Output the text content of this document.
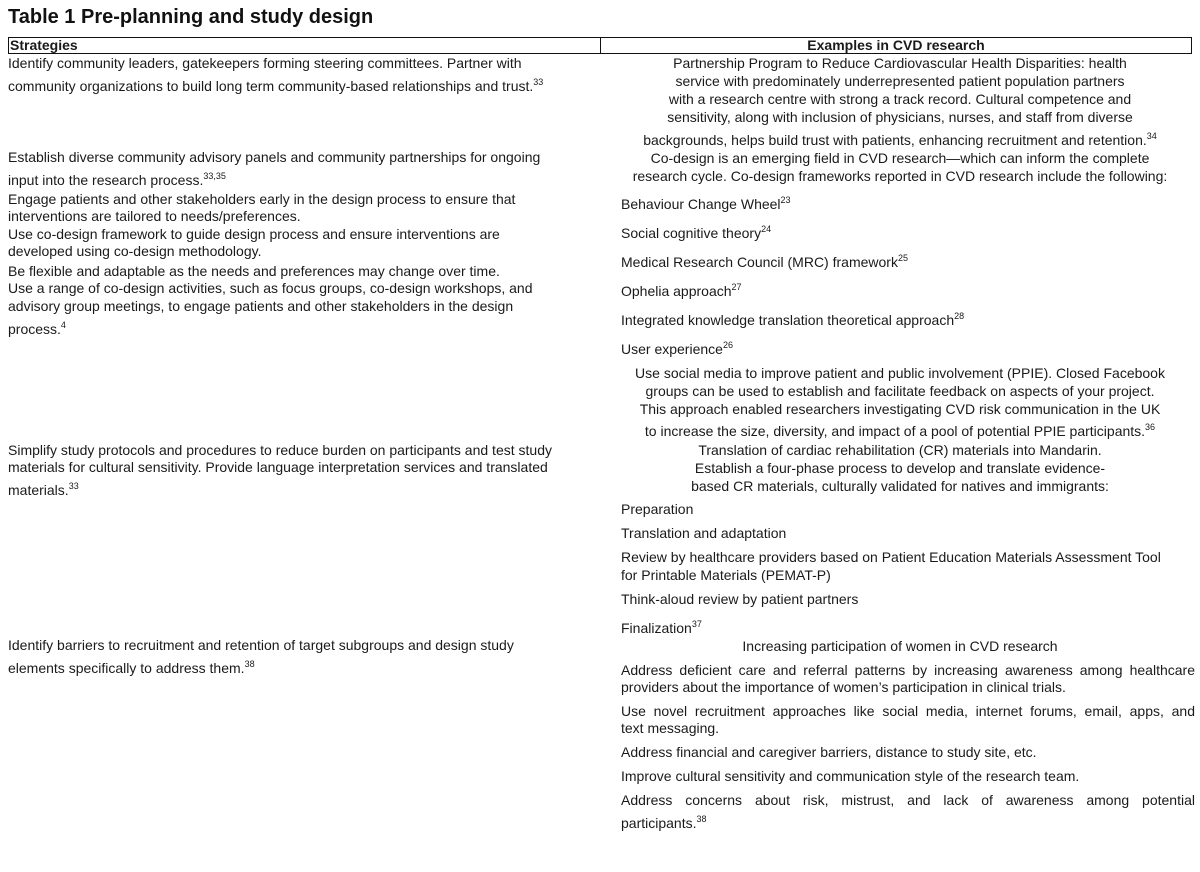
Table 1 Pre-planning and study design
Strategies	Examples in CVD research
Identify community leaders, gatekeepers forming steering committees. Partner with
community organizations to build long term community-based relationships and trust.$^{33}$
Establish diverse community advisory panels and community partnerships for ongoing
input into the research process.$^{33,35}$
Engage patients and other stakeholders early in the design process to ensure that
interventions are tailored to needs/preferences.
Use co-design framework to guide design process and ensure interventions are
developed using co-design methodology.
Be flexible and adaptable as the needs and preferences may change over time.
Use a range of co-design activities, such as focus groups, co-design workshops, and
advisory group meetings, to engage patients and other stakeholders in the design
process.$^4$
Simplify study protocols and procedures to reduce burden on participants and test study
materials for cultural sensitivity. Provide language interpretation services and translated
materials.$^{33}$
Identify barriers to recruitment and retention of target subgroups and design study
elements specifically to address them.$^{38}$
Partnership Program to Reduce Cardiovascular Health Disparities: health
service with predominately underrepresented patient population partners
with a research centre with strong a track record. Cultural competence and
sensitivity, along with inclusion of physicians, nurses, and staff from diverse
backgrounds, helps build trust with patients, enhancing recruitment and retention.$^{34}$
Co-design is an emerging field in CVD research—which can inform the complete
research cycle. Co-design frameworks reported in CVD research include the following:
Behaviour Change Wheel$^{23}$
Social cognitive theory$^{24}$
Medical Research Council (MRC) framework$^{25}$
Ophelia approach$^{27}$
Integrated knowledge translation theoretical approach$^{28}$
User experience$^{26}$
Use social media to improve patient and public involvement (PPIE). Closed Facebook
groups can be used to establish and facilitate feedback on aspects of your project.
This approach enabled researchers investigating CVD risk communication in the UK
to increase the size, diversity, and impact of a pool of potential PPIE participants.$^{36}$
Translation of cardiac rehabilitation (CR) materials into Mandarin.
Establish a four-phase process to develop and translate evidence-
based CR materials, culturally validated for natives and immigrants:
Preparation
Translation and adaptation
Review by healthcare providers based on Patient Education Materials Assessment Tool
for Printable Materials (PEMAT-P)
Think-aloud review by patient partners
Finalization$^{37}$
Increasing participation of women in CVD research
Address deficient care and referral patterns by increasing awareness among healthcare
providers about the importance of women’s participation in clinical trials.
Use novel recruitment approaches like social media, internet forums, email, apps, and
text messaging.
Address financial and caregiver barriers, distance to study site, etc.
Improve cultural sensitivity and communication style of the research team.
Address concerns about risk, mistrust, and lack of awareness among potential
participants.$^{38}$
